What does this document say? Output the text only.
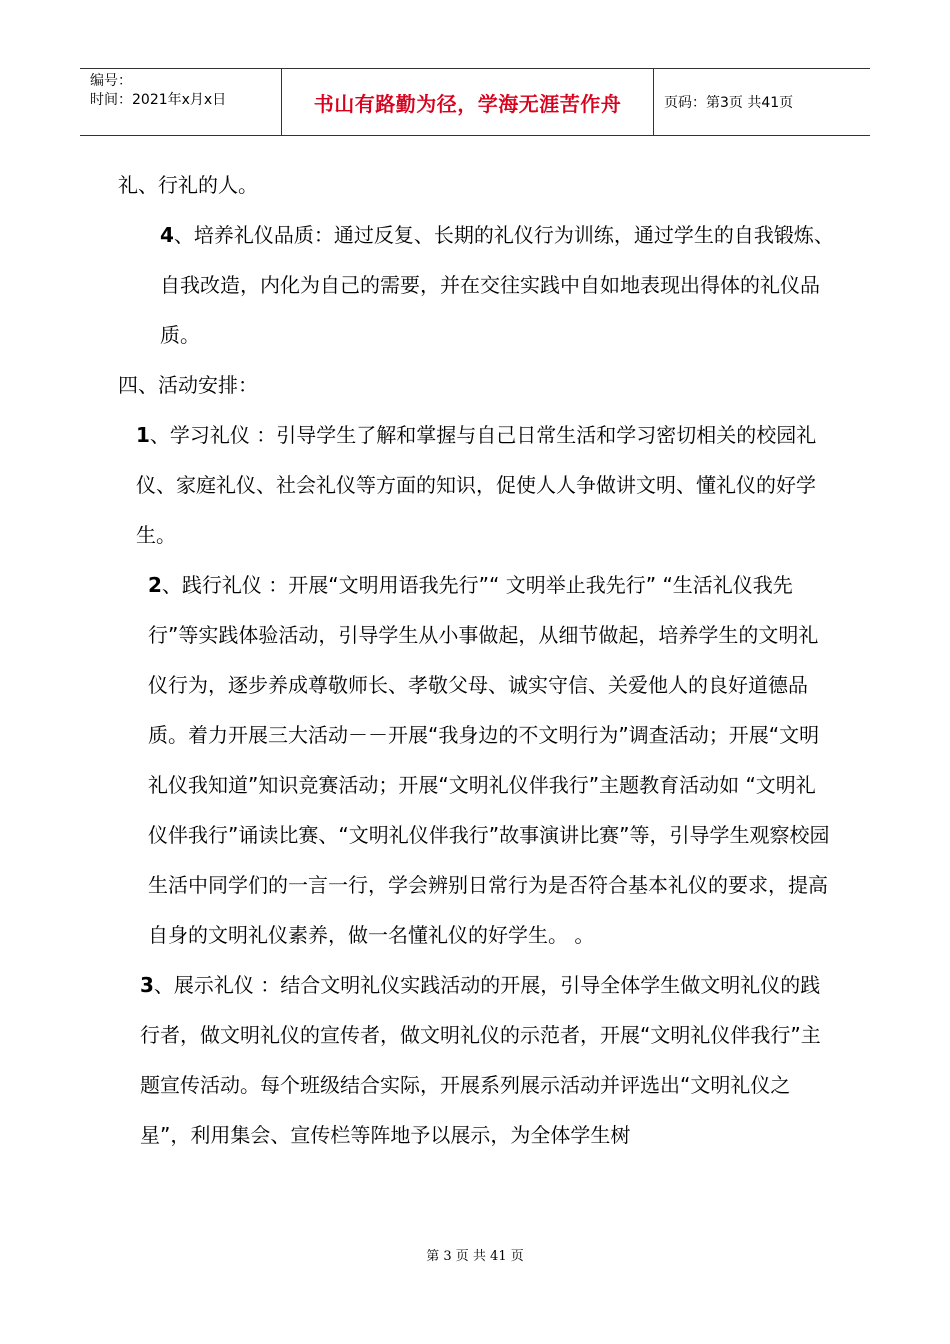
编号：
时间：2021年x月x日	书山有路勤为径，学海无涯苦作舟	页码：第3页 共41页

礼、行礼的人。

4、培养礼仪品质：通过反复、长期的礼仪行为训练，通过学生的自我锻炼、自我改造，内化为自己的需要，并在交往实践中自如地表现出得体的礼仪品质。

四、活动安排：

1、学习礼仪 ：引导学生了解和掌握与自己日常生活和学习密切相关的校园礼仪、家庭礼仪、社会礼仪等方面的知识，促使人人争做讲文明、懂礼仪的好学生。

2、践行礼仪 ：开展“文明用语我先行”“ 文明举止我先行” “生活礼仪我先行”等实践体验活动，引导学生从小事做起，从细节做起，培养学生的文明礼仪行为，逐步养成尊敬师长、孝敬父母、诚实守信、关爱他人的良好道德品质。着力开展三大活动－－开展“我身边的不文明行为”调查活动；开展“文明礼仪我知道”知识竞赛活动；开展“文明礼仪伴我行”主题教育活动如 “文明礼仪伴我行”诵读比赛、“文明礼仪伴我行”故事演讲比赛”等，引导学生观察校园生活中同学们的一言一行，学会辨别日常行为是否符合基本礼仪的要求，提高自身的文明礼仪素养，做一名懂礼仪的好学生。 。

3、展示礼仪 ：结合文明礼仪实践活动的开展，引导全体学生做文明礼仪的践行者，做文明礼仪的宣传者，做文明礼仪的示范者，开展“文明礼仪伴我行”主题宣传活动。每个班级结合实际，开展系列展示活动并评选出“文明礼仪之星”，利用集会、宣传栏等阵地予以展示，为全体学生树

第 3 页 共 41 页
